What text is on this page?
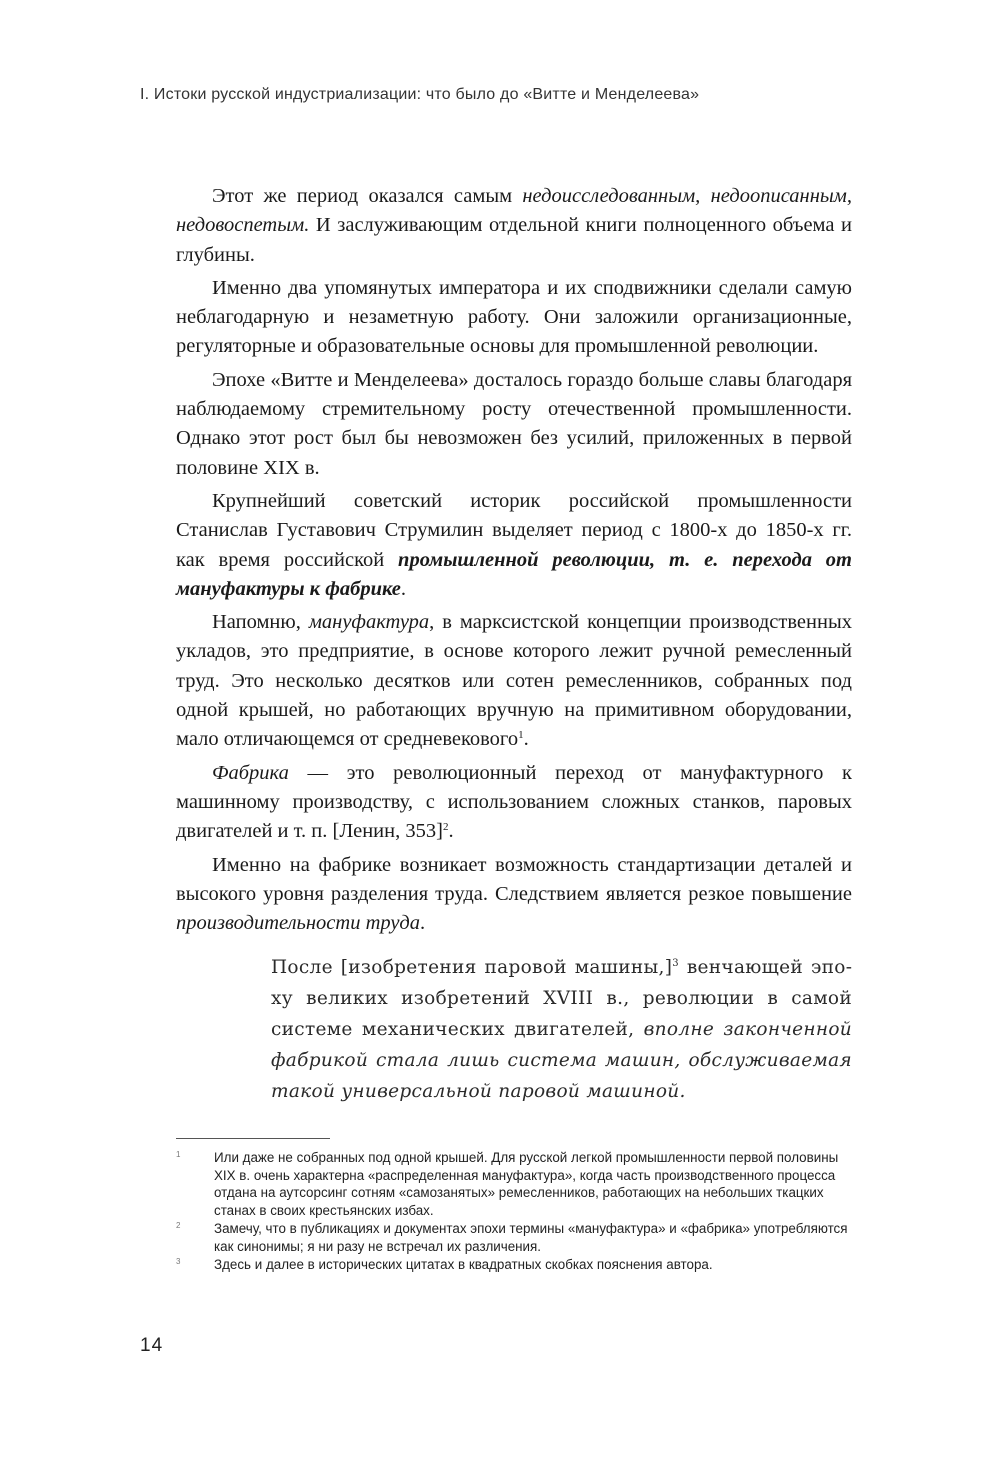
I. Истоки русской индустриализации: что было до «Витте и Менделеева»

Этот же период оказался самым недоисследованным, недоописанным, недовоспетым. И заслуживающим отдельной книги полноценного объема и глубины.

Именно два упомянутых императора и их сподвижники сделали самую неблагодарную и незаметную работу. Они заложили организационные, регуляторные и образовательные основы для промышленной революции.

Эпохе «Витте и Менделеева» досталось гораздо больше славы благодаря наблюдаемому стремительному росту отечественной промышленности. Однако этот рост был бы невозможен без усилий, приложенных в первой половине XIX в.

Крупнейший советский историк российской промышленности Станислав Густавович Струмилин выделяет период с 1800-х до 1850-х гг. как время российской промышленной революции, т. е. перехода от мануфактуры к фабрике.

Напомню, мануфактура, в марксистской концепции производственных укладов, это предприятие, в основе которого лежит ручной ремесленный труд. Это несколько десятков или сотен ремесленников, собранных под одной крышей, но работающих вручную на примитивном оборудовании, мало отличающемся от средневекового$^1$.

Фабрика — это революционный переход от мануфактурного к машинному производству, с использованием сложных станков, паровых двигателей и т. п. [Ленин, 353]$^2$.

Именно на фабрике возникает возможность стандартизации деталей и высокого уровня разделения труда. Следствием является резкое повышение производительности труда.

После [изобретения паровой машины,]$^3$ венчающей эпоху великих изобретений XVIII в., революции в самой системе механических двигателей, вполне законченной фабрикой стала лишь система машин, обслуживаемая такой универсальной паровой машиной.
1	Или даже не собранных под одной крышей. Для русской легкой промышленности первой половины XIX в. очень характерна «распределенная мануфактура», когда часть производственного процесса отдана на аутсорсинг сотням «самозанятых» ремесленников, работающих на небольших ткацких станах в своих крестьянских избах.
2	Замечу, что в публикациях и документах эпохи термины «мануфактура» и «фабрика» употребляются как синонимы; я ни разу не встречал их различения.
3	Здесь и далее в исторических цитатах в квадратных скобках пояснения автора.
14
